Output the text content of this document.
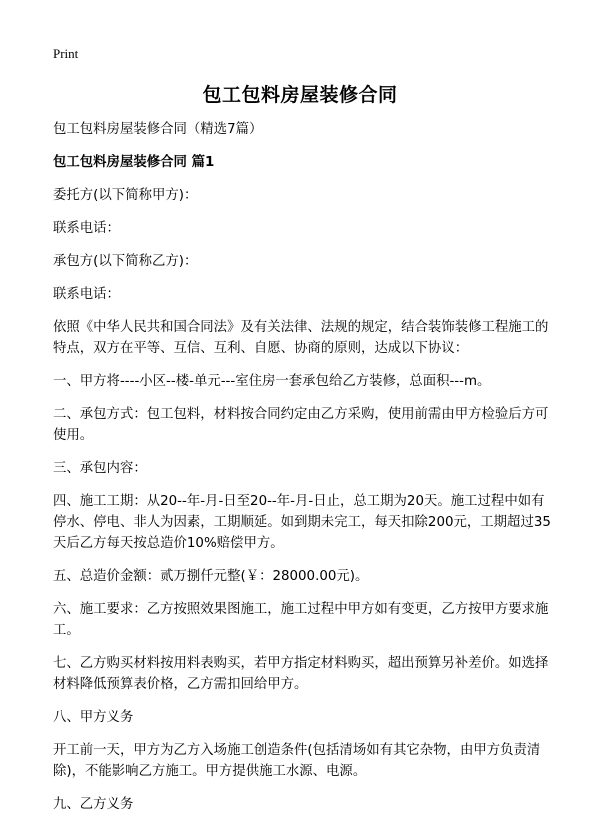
Print
包工包料房屋装修合同

包工包料房屋装修合同（精选7篇）

包工包料房屋装修合同 篇1

委托方(以下简称甲方)：

联系电话：

承包方(以下简称乙方)：

联系电话：

依照《中华人民共和国合同法》及有关法律、法规的规定，结合装饰装修工程施工的特点，双方在平等、互信、互利、自愿、协商的原则，达成以下协议：

一、甲方将----小区--楼-单元---室住房一套承包给乙方装修，总面积---m。

二、承包方式：包工包料，材料按合同约定由乙方采购，使用前需由甲方检验后方可使用。

三、承包内容：

四、施工工期：从20--年-月-日至20--年-月-日止，总工期为20天。施工过程中如有停水、停电、非人为因素，工期顺延。如到期未完工，每天扣除200元，工期超过35天后乙方每天按总造价10%赔偿甲方。

五、总造价金额：贰万捌仟元整(￥：28000.00元)。

六、施工要求：乙方按照效果图施工，施工过程中甲方如有变更，乙方按甲方要求施工。

七、乙方购买材料按用料表购买，若甲方指定材料购买，超出预算另补差价。如选择材料降低预算表价格，乙方需扣回给甲方。

八、甲方义务

开工前一天，甲方为乙方入场施工创造条件(包括清场如有其它杂物，由甲方负责清除)，不能影响乙方施工。甲方提供施工水源、电源。

九、乙方义务
